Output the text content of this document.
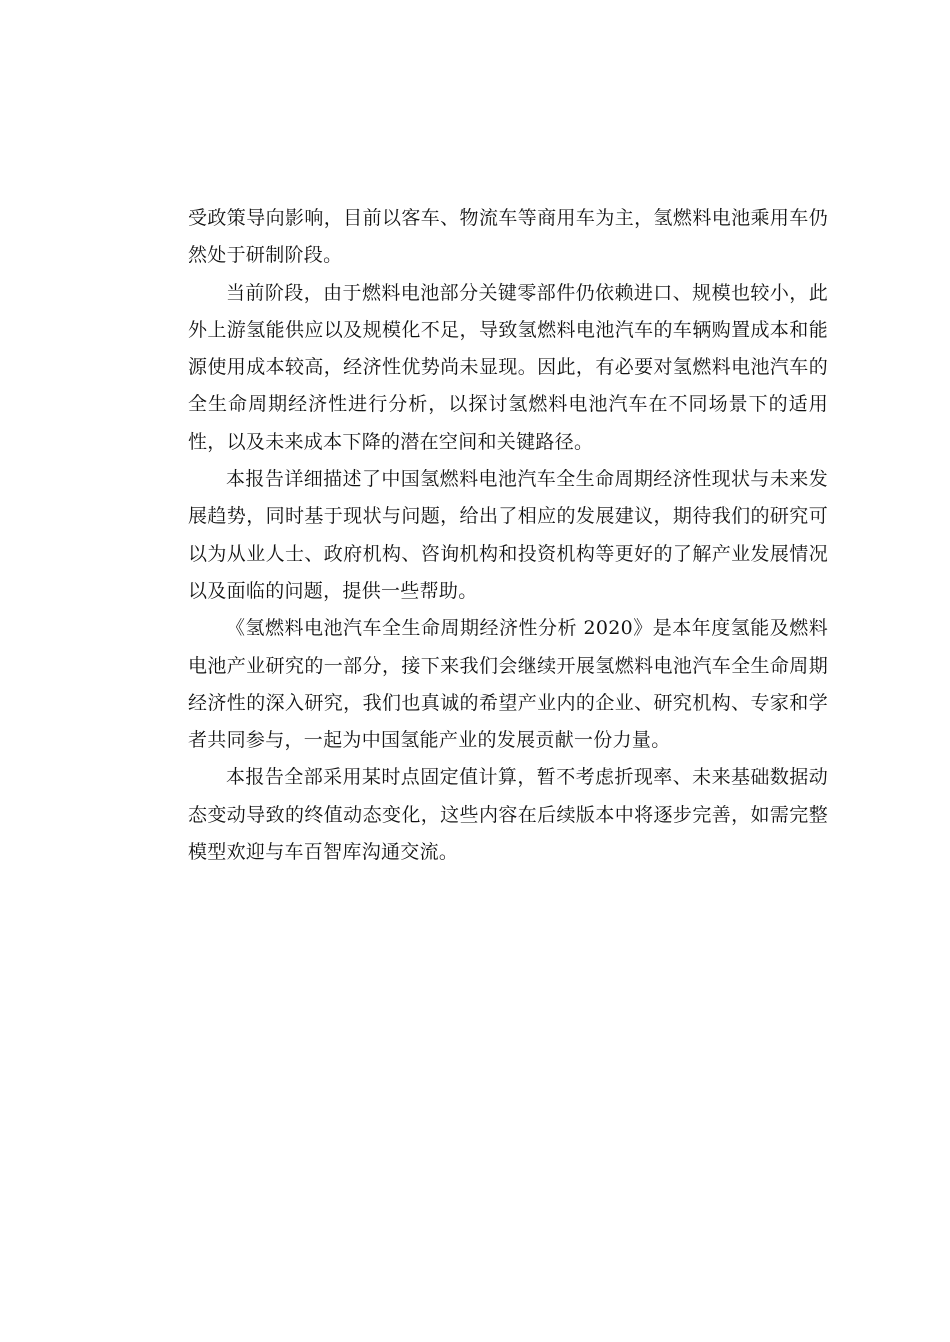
受政策导向影响，目前以客车、物流车等商用车为主，氢燃料电池乘用车仍然处于研制阶段。

当前阶段，由于燃料电池部分关键零部件仍依赖进口、规模也较小，此外上游氢能供应以及规模化不足，导致氢燃料电池汽车的车辆购置成本和能源使用成本较高，经济性优势尚未显现。因此，有必要对氢燃料电池汽车的全生命周期经济性进行分析，以探讨氢燃料电池汽车在不同场景下的适用性，以及未来成本下降的潜在空间和关键路径。

本报告详细描述了中国氢燃料电池汽车全生命周期经济性现状与未来发展趋势，同时基于现状与问题，给出了相应的发展建议，期待我们的研究可以为从业人士、政府机构、咨询机构和投资机构等更好的了解产业发展情况以及面临的问题，提供一些帮助。

《氢燃料电池汽车全生命周期经济性分析 2020》是本年度氢能及燃料电池产业研究的一部分，接下来我们会继续开展氢燃料电池汽车全生命周期经济性的深入研究，我们也真诚的希望产业内的企业、研究机构、专家和学者共同参与，一起为中国氢能产业的发展贡献一份力量。

本报告全部采用某时点固定值计算，暂不考虑折现率、未来基础数据动态变动导致的终值动态变化，这些内容在后续版本中将逐步完善，如需完整模型欢迎与车百智库沟通交流。
